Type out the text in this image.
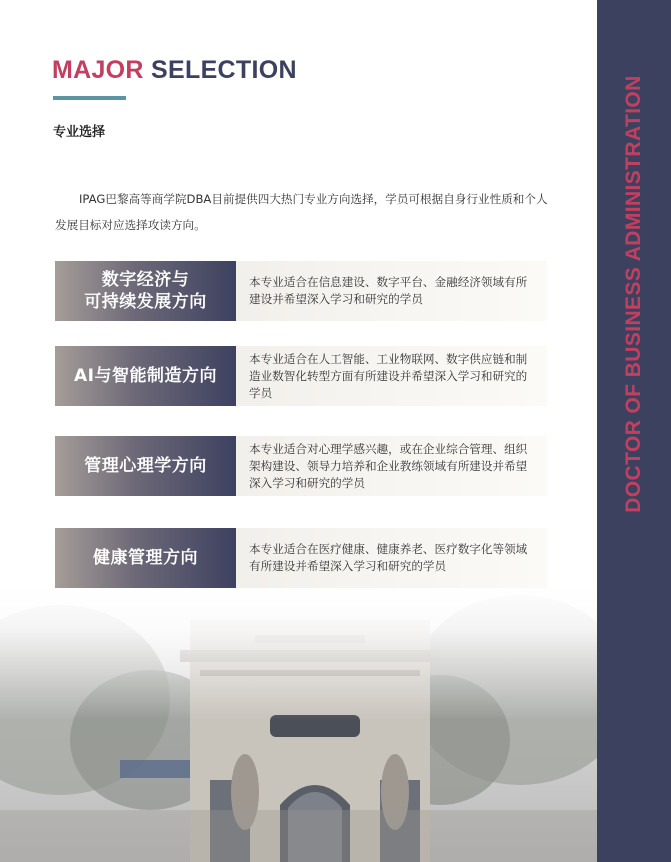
DOCTOR OF BUSINESS ADMINISTRATION
MAJOR SELECTION
专业选择

IPAG巴黎高等商学院DBA目前提供四大热门专业方向选择，学员可根据自身行业性质和个人发展目标对应选择攻读方向。

数字经济与
可持续发展方向
本专业适合在信息建设、数字平台、金融经济领域有所建设并希望深入学习和研究的学员
AI与智能制造方向
本专业适合在人工智能、工业物联网、数字供应链和制造业数智化转型方面有所建设并希望深入学习和研究的学员
管理心理学方向
本专业适合对心理学感兴趣，或在企业综合管理、组织架构建设、领导力培养和企业教练领域有所建设并希望深入学习和研究的学员
健康管理方向	本专业适合在医疗健康、健康养老、医疗数字化等领域有所建设并希望深入学习和研究的学员
